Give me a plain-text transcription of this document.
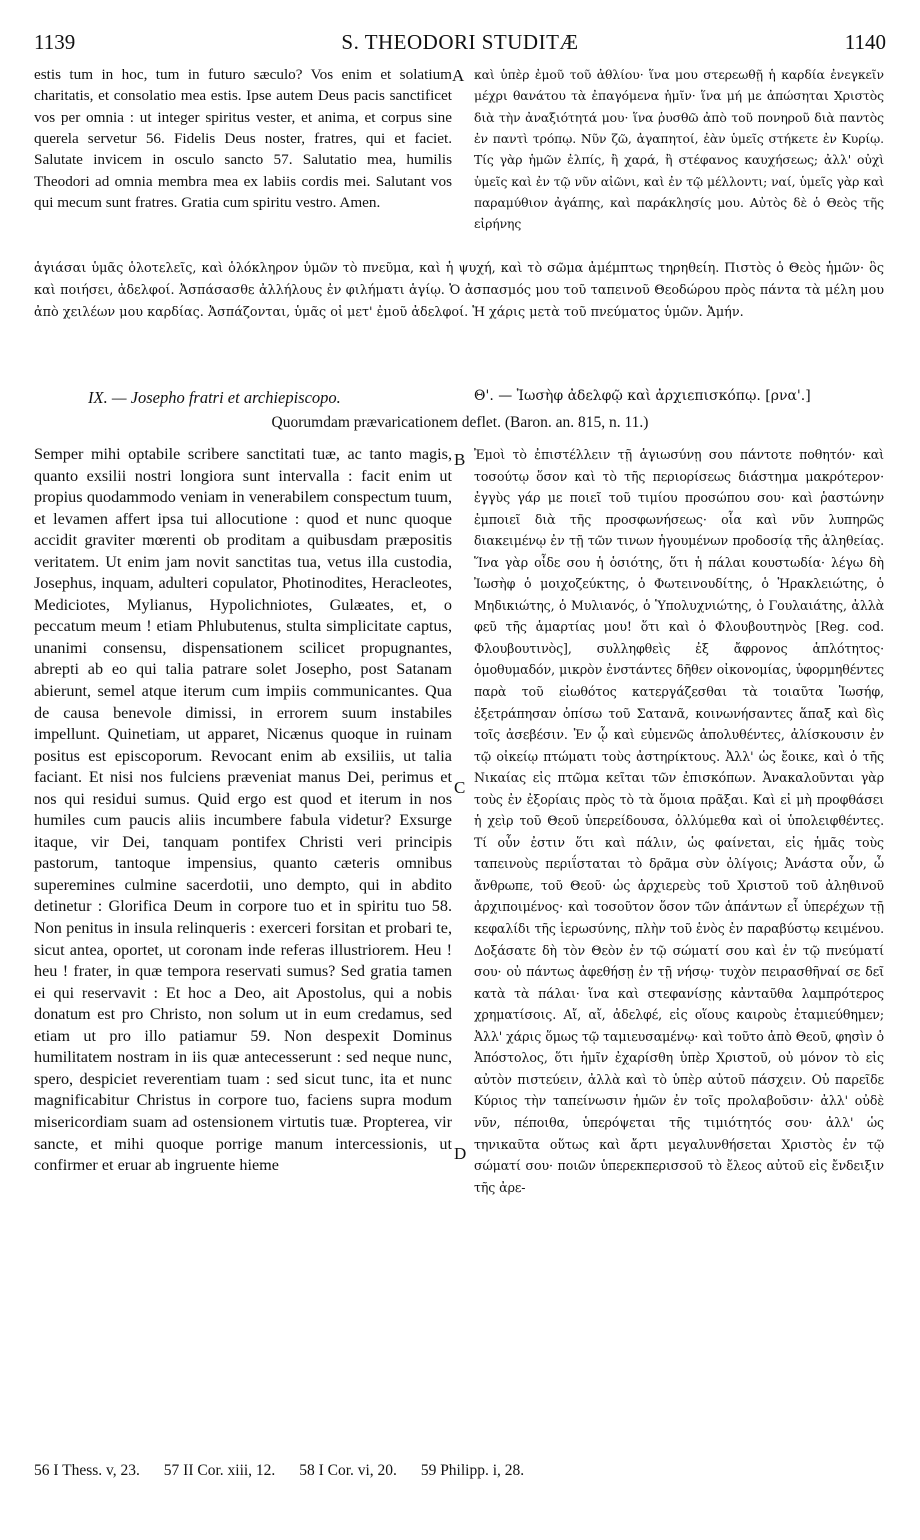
1139	S. THEODORI STUDITÆ	1140

estis tum in hoc, tum in futuro sæculo? Vos enim et solatium charitatis, et consolatio mea estis. Ipse autem Deus pacis sanctificet vos per omnia : ut integer spiritus vester, et anima, et corpus sine querela servetur 56. Fidelis Deus noster, fratres, qui et faciet. Salutate invicem in osculo sancto 57. Salutatio mea, humilis Theodori ad omnia membra mea ex labiis cordis mei. Salutant vos qui mecum sunt fratres. Gratia cum spiritu vestro. Amen.

καὶ ὑπὲρ ἐμοῦ τοῦ ἀθλίου· ἵνα μου στερεωθῇ ἡ καρδία ἐνεγκεῖν μέχρι θανάτου τὰ ἐπαγόμενα ἡμῖν· ἵνα μή με ἀπώσηται Χριστὸς διὰ τὴν ἀναξιότητά μου· ἵνα ῥυσθῶ ἀπὸ τοῦ πονηροῦ διὰ παντὸς ἐν παντὶ τρόπῳ. Νῦν ζῶ, ἀγαπητοί, ἐὰν ὑμεῖς στήκετε ἐν Κυρίῳ. Τίς γὰρ ἡμῶν ἐλπίς, ἢ χαρά, ἢ στέφανος καυχήσεως; ἀλλ' οὐχὶ ὑμεῖς καὶ ἐν τῷ νῦν αἰῶνι, καὶ ἐν τῷ μέλλοντι; ναί, ὑμεῖς γὰρ καὶ παραμύθιον ἀγάπης, καὶ παράκλησίς μου. Αὐτὸς δὲ ὁ Θεὸς τῆς εἰρήνης

A

ἁγιάσαι ὑμᾶς ὁλοτελεῖς, καὶ ὁλόκληρον ὑμῶν τὸ πνεῦμα, καὶ ἡ ψυχή, καὶ τὸ σῶμα ἀμέμπτως τηρηθείη. Πιστὸς ὁ Θεὸς ἡμῶν· ὃς καὶ ποιήσει, ἀδελφοί. Ἀσπάσασθε ἀλλήλους ἐν φιλήματι ἁγίῳ. Ὁ ἀσπασμός μου τοῦ ταπεινοῦ Θεοδώρου πρὸς πάντα τὰ μέλη μου ἀπὸ χειλέων μου καρδίας. Ἀσπάζονται, ὑμᾶς οἱ μετ' ἐμοῦ ἀδελφοί. Ἡ χάρις μετὰ τοῦ πνεύματος ὑμῶν. Ἀμήν.

IX. — Josepho fratri et archiepiscopo.	Θ'. — Ἰωσὴφ ἀδελφῷ καὶ ἀρχιεπισκόπῳ. [ρνα'.]
Quorumdam prævaricationem deflet. (Baron. an. 815, n. 11.)

Semper mihi optabile scribere sanctitati tuæ, ac tanto magis, quanto exsilii nostri longiora sunt intervalla : facit enim ut propius quodammodo veniam in venerabilem conspectum tuum, et levamen affert ipsa tui allocutione : quod et nunc quoque accidit graviter mœrenti ob proditam a quibusdam præpositis veritatem. Ut enim jam novit sanctitas tua, vetus illa custodia, Josephus, inquam, adulteri copulator, Photinodites, Heracleotes, Mediciotes, Mylianus, Hypolichniotes, Gulæates, et, o peccatum meum ! etiam Phlubutenus, stulta simplicitate captus, unanimi consensu, dispensationem scilicet propugnantes, abrepti ab eo qui talia patrare solet Josepho, post Satanam abierunt, semel atque iterum cum impiis communicantes. Qua de causa benevole dimissi, in errorem suum instabiles impellunt. Quinetiam, ut apparet, Nicænus quoque in ruinam positus est episcoporum. Revocant enim ab exsiliis, ut talia faciant. Et nisi nos fulciens præveniat manus Dei, perimus et nos qui residui sumus. Quid ergo est quod et iterum in nos humiles cum paucis aliis incumbere fabula videtur? Exsurge itaque, vir Dei, tanquam pontifex Christi veri principis pastorum, tantoque impensius, quanto cæteris omnibus superemines culmine sacerdotii, uno dempto, qui in abdito detinetur : Glorifica Deum in corpore tuo et in spiritu tuo 58. Non penitus in insula relinqueris : exerceri forsitan et probari te, sicut antea, oportet, ut coronam inde referas illustriorem. Heu ! heu ! frater, in quæ tempora reservati sumus? Sed gratia tamen ei qui reservavit : Et hoc a Deo, ait Apostolus, qui a nobis donatum est pro Christo, non solum ut in eum credamus, sed etiam ut pro illo patiamur 59. Non despexit Dominus humilitatem nostram in iis quæ antecesserunt : sed neque nunc, spero, despiciet reverentiam tuam : sed sicut tunc, ita et nunc magnificabitur Christus in corpore tuo, faciens supra modum misericordiam suam ad ostensionem virtutis tuæ. Propterea, vir sancte, et mihi quoque porrige manum intercessionis, ut confirmer et eruar ab ingruente hieme

Ἐμοὶ τὸ ἐπιστέλλειν τῇ ἁγιωσύνῃ σου πάντοτε ποθητόν· καὶ τοσούτῳ ὅσον καὶ τὸ τῆς περιορίσεως διάστημα μακρότερον· ἐγγὺς γάρ με ποιεῖ τοῦ τιμίου προσώπου σου· καὶ ῥαστώνην ἐμποιεῖ διὰ τῆς προσφωνήσεως· οἷα καὶ νῦν λυπηρῶς διακειμένῳ ἐν τῇ τῶν τινων ἡγουμένων προδοσίᾳ τῆς ἀληθείας. Ἵνα γὰρ οἶδε σου ἡ ὁσιότης, ὅτι ἡ πάλαι κουστωδία· λέγω δὴ Ἰωσὴφ ὁ μοιχοζεύκτης, ὁ Φωτεινουδίτης, ὁ Ἡρακλειώτης, ὁ Μηδικιώτης, ὁ Μυλιανός, ὁ Ὑπολυχνιώτης, ὁ Γουλαιάτης, ἀλλὰ φεῦ τῆς ἁμαρτίας μου! ὅτι καὶ ὁ Φλουβουτηνὸς [Reg. cod. Φλουβουτινὸς], συλληφθεὶς ἐξ ἄφρονος ἁπλότητος· ὁμοθυμαδόν, μικρὸν ἐνστάντες δῆθεν οἰκονομίας, ὑφορμηθέντες παρὰ τοῦ εἰωθότος κατεργάζεσθαι τὰ τοιαῦτα Ἰωσήφ, ἐξετράπησαν ὀπίσω τοῦ Σατανᾶ, κοινωνήσαντες ἅπαξ καὶ δὶς τοῖς ἀσεβέσιν. Ἐν ᾧ καὶ εὐμενῶς ἀπολυθέντες, ἀλίσκουσιν ἐν τῷ οἰκείῳ πτώματι τοὺς ἀστηρίκτους. Ἀλλ' ὡς ἔοικε, καὶ ὁ τῆς Νικαίας εἰς πτῶμα κεῖται τῶν ἐπισκόπων. Ἀνακαλοῦνται γὰρ τοὺς ἐν ἐξορίαις πρὸς τὸ τὰ ὅμοια πρᾶξαι. Καὶ εἰ μὴ προφθάσει ἡ χεὶρ τοῦ Θεοῦ ὑπερείδουσα, ὀλλύμεθα καὶ οἱ ὑπολειφθέντες. Τί οὖν ἐστιν ὅτι καὶ πάλιν, ὡς φαίνεται, εἰς ἡμᾶς τοὺς ταπεινοὺς περιΐσταται τὸ δρᾶμα σὺν ὀλίγοις; Ἀνάστα οὖν, ὦ ἄνθρωπε, τοῦ Θεοῦ· ὡς ἀρχιερεὺς τοῦ Χριστοῦ τοῦ ἀληθινοῦ ἀρχιποιμένος· καὶ τοσοῦτον ὅσον τῶν ἁπάντων εἶ ὑπερέχων τῇ κεφαλίδι τῆς ἱερωσύνης, πλὴν τοῦ ἑνὸς ἐν παραβύστῳ κειμένου. Δοξάσατε δὴ τὸν Θεὸν ἐν τῷ σώματί σου καὶ ἐν τῷ πνεύματί σου· οὐ πάντως ἀφεθήσῃ ἐν τῇ νήσῳ· τυχὸν πειρασθῆναί σε δεῖ κατὰ τὰ πάλαι· ἵνα καὶ στεφανίσῃς κἀνταῦθα λαμπρότερος χρηματίσοις. Αἴ, αἴ, ἀδελφέ, εἰς οἵους καιροὺς ἐταμιεύθημεν; Ἀλλ' χάρις ὅμως τῷ ταμιευσαμένῳ· καὶ τοῦτο ἀπὸ Θεοῦ, φησὶν ὁ Ἀπόστολος, ὅτι ἡμῖν ἐχαρίσθη ὑπὲρ Χριστοῦ, οὐ μόνον τὸ εἰς αὐτὸν πιστεύειν, ἀλλὰ καὶ τὸ ὑπὲρ αὐτοῦ πάσχειν. Οὐ παρεῖδε Κύριος τὴν ταπείνωσιν ἡμῶν ἐν τοῖς προλαβοῦσιν· ἀλλ' οὐδὲ νῦν, πέποιθα, ὑπερόψεται τῆς τιμιότητός σου· ἀλλ' ὡς τηνικαῦτα οὕτως καὶ ἄρτι μεγαλυνθήσεται Χριστὸς ἐν τῷ σώματί σου· ποιῶν ὑπερεκπερισσοῦ τὸ ἔλεος αὐτοῦ εἰς ἔνδειξιν τῆς ἀρε-

B
C
D
56 I Thess. v, 23. 57 II Cor. xiii, 12. 58 I Cor. vi, 20. 59 Philipp. i, 28.
